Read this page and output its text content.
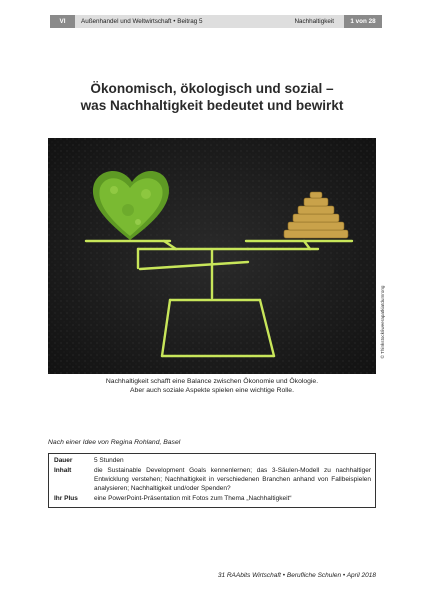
VI	Außenhandel und Weltwirtschaft • Beitrag 5	Nachhaltigkeit	1 von 28
Ökonomisch, ökologisch und sozial –
was Nachhaltigkeit bedeutet und bewirkt
© Thinkstock/iweerapatkiatdumrong
Nachhaltigkeit schafft eine Balance zwischen Ökonomie und Ökologie.
Aber auch soziale Aspekte spielen eine wichtige Rolle.
Nach einer Idee von Regina Rohland, Basel
Dauer	5 Stunden
Inhalt	die Sustainable Development Goals kennenlernen; das 3-Säulen-Modell zu nachhaltiger Entwicklung verstehen; Nachhaltigkeit in verschiedenen Branchen anhand von Fallbeispielen analysieren; Nachhaltigkeit und/oder Spenden?
Ihr Plus	eine PowerPoint-Präsentation mit Fotos zum Thema „Nachhaltigkeit“
31 RAAbits Wirtschaft • Berufliche Schulen • April 2018
